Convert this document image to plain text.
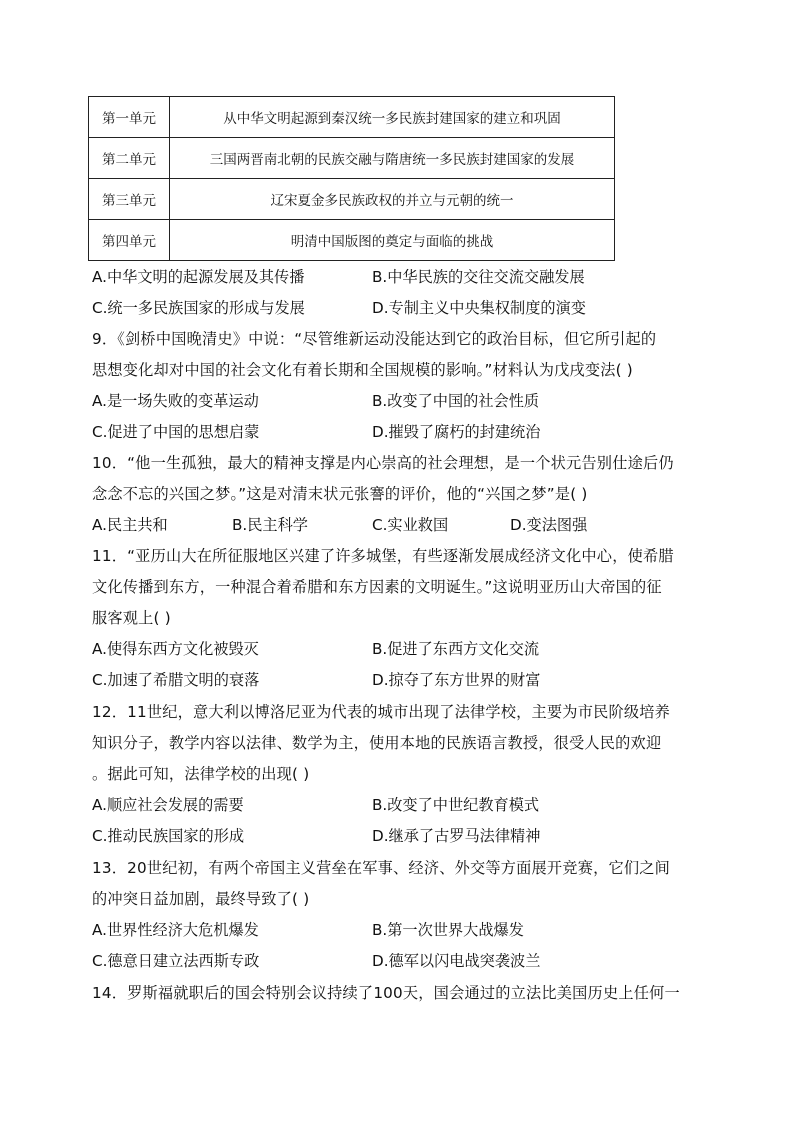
第一单元	从中华文明起源到秦汉统一多民族封建国家的建立和巩固
第二单元	三国两晋南北朝的民族交融与隋唐统一多民族封建国家的发展
第三单元	辽宋夏金多民族政权的并立与元朝的统一
第四单元	明清中国版图的奠定与面临的挑战
A.中华文明的起源发展及其传播	B.中华民族的交往交流交融发展
C.统一多民族国家的形成与发展	D.专制主义中央集权制度的演变
9．《剑桥中国晚清史》中说：“尽管维新运动没能达到它的政治目标，但它所引起的
思想变化却对中国的社会文化有着长期和全国规模的影响。”材料认为戊戌变法( )
A.是一场失败的变革运动	B.改变了中国的社会性质
C.促进了中国的思想启蒙	D.摧毁了腐朽的封建统治
10．“他一生孤独，最大的精神支撑是内心崇高的社会理想，是一个状元告别仕途后仍
念念不忘的兴国之梦。”这是对清末状元张謇的评价，他的“兴国之梦”是( )
A.民主共和	B.民主科学	C.实业救国	D.变法图强
11．“亚历山大在所征服地区兴建了许多城堡，有些逐渐发展成经济文化中心，使希腊
文化传播到东方，一种混合着希腊和东方因素的文明诞生。”这说明亚历山大帝国的征
服客观上( )
A.使得东西方文化被毁灭	B.促进了东西方文化交流
C.加速了希腊文明的衰落	D.掠夺了东方世界的财富
12．11世纪，意大利以博洛尼亚为代表的城市出现了法律学校，主要为市民阶级培养
知识分子，教学内容以法律、数学为主，使用本地的民族语言教授，很受人民的欢迎
。据此可知，法律学校的出现( )
A.顺应社会发展的需要	B.改变了中世纪教育模式
C.推动民族国家的形成	D.继承了古罗马法律精神
13．20世纪初，有两个帝国主义营垒在军事、经济、外交等方面展开竞赛，它们之间
的冲突日益加剧，最终导致了( )
A.世界性经济大危机爆发	B.第一次世界大战爆发
C.德意日建立法西斯专政	D.德军以闪电战突袭波兰
14．罗斯福就职后的国会特别会议持续了100天，国会通过的立法比美国历史上任何一
